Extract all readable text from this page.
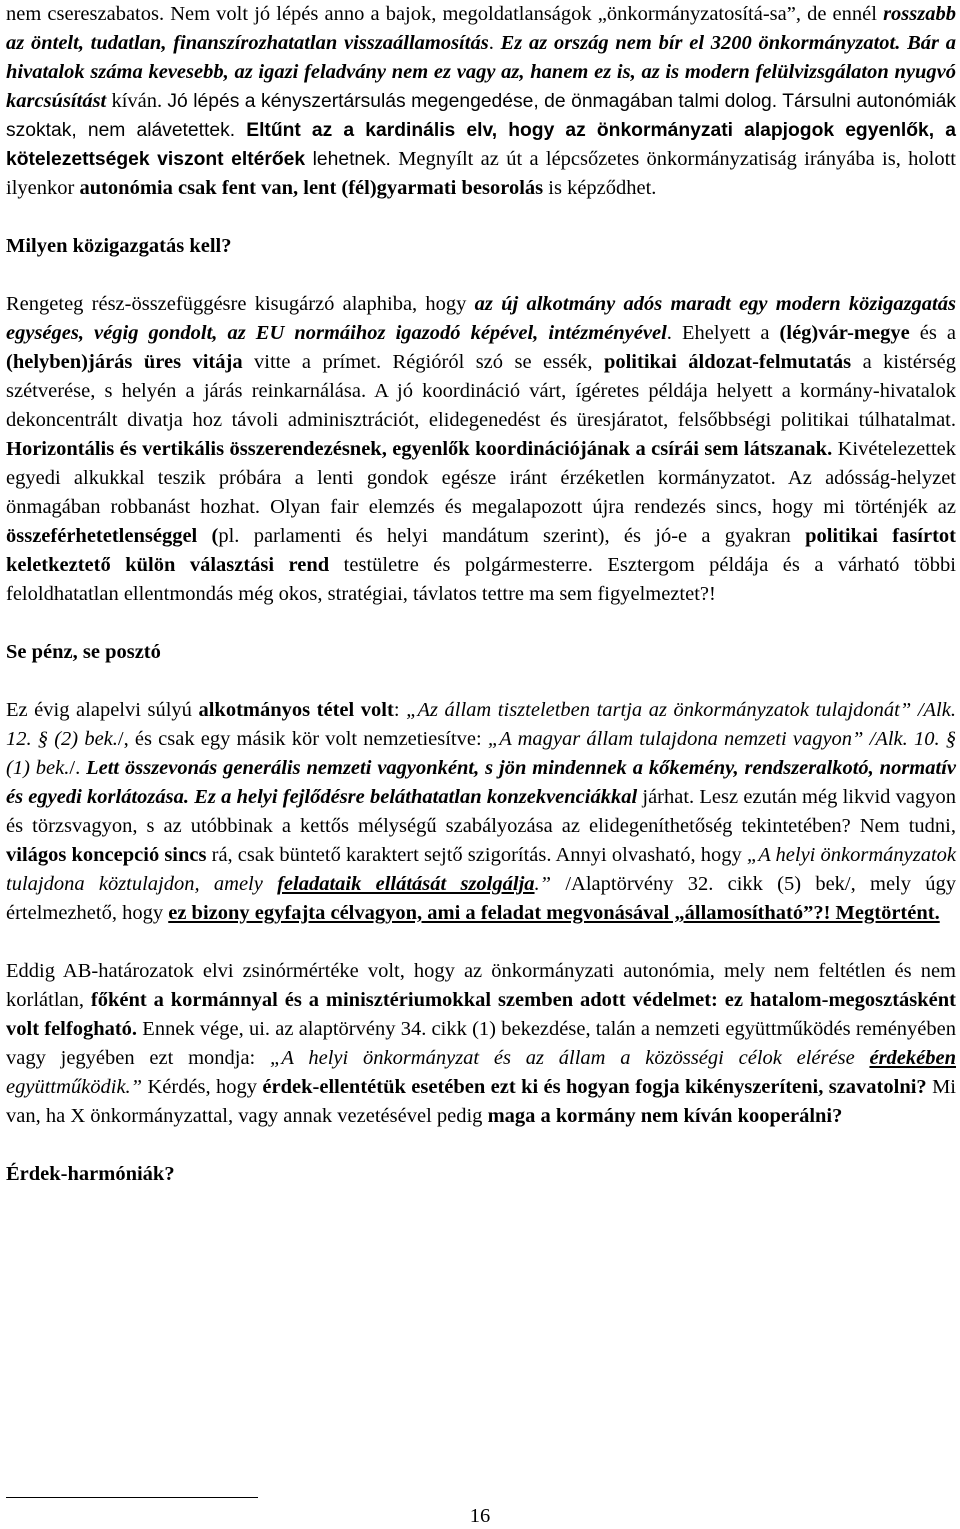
nem csereszabatos. Nem volt jó lépés anno a bajok, megoldatlanságok „önkormányzatosítá-sa”, de ennél rosszabb az öntelt, tudatlan, finanszírozhatatlan visszaállamosítás. Ez az ország nem bír el 3200 önkormányzatot. Bár a hivatalok száma kevesebb, az igazi feladvány nem ez vagy az, hanem ez is, az is modern felülvizsgálaton nyugvó karcsúsítást kíván. Jó lépés a kényszertársulás megengedése, de önmagában talmi dolog. Társulni autonómiák szoktak, nem alávetettek. Eltűnt az a kardinális elv, hogy az önkormányzati alapjogok egyenlők, a kötelezettségek viszont eltérőek lehetnek. Megnyílt az út a lépcsőzetes önkormányzatiság irányába is, holott ilyenkor autonómia csak fent van, lent (fél)gyarmati besorolás is képződhet.

Milyen közigazgatás kell?

Rengeteg rész-összefüggésre kisugárzó alaphiba, hogy az új alkotmány adós maradt egy modern közigazgatás egységes, végig gondolt, az EU normáihoz igazodó képével, intézményével. Ehelyett a (lég)vár-megye és a (helyben)járás üres vitája vitte a prímet. Régióról szó se essék, politikai áldozat-felmutatás a kistérség szétverése, s helyén a járás reinkarnálása. A jó koordináció várt, ígéretes példája helyett a kormány-hivatalok dekoncentrált divatja hoz távoli adminisztrációt, elidegenedést és üresjáratot, felsőbbségi politikai túlhatalmat. Horizontális és vertikális összerendezésnek, egyenlők koordinációjának a csírái sem látszanak. Kivételezettek egyedi alkukkal teszik próbára a lenti gondok egésze iránt érzéketlen kormányzatot. Az adósság-helyzet önmagában robbanást hozhat. Olyan fair elemzés és megalapozott újra rendezés sincs, hogy mi történjék az összeférhetetlenséggel (pl. parlamenti és helyi mandátum szerint), és jó-e a gyakran politikai fasírtot keletkeztető külön választási rend testületre és polgármesterre. Esztergom példája és a várható többi feloldhatatlan ellentmondás még okos, stratégiai, távlatos tettre ma sem figyelmeztet?!

Se pénz, se posztó

Ez évig alapelvi súlyú alkotmányos tétel volt: „Az állam tiszteletben tartja az önkormányzatok tulajdonát” /Alk. 12. § (2) bek./, és csak egy másik kör volt nemzetiesítve: „A magyar állam tulajdona nemzeti vagyon” /Alk. 10. § (1) bek./. Lett összevonás generális nemzeti vagyonként, s jön mindennek a kőkemény, rendszeralkotó, normatív és egyedi korlátozása. Ez a helyi fejlődésre beláthatatlan konzekvenciákkal járhat. Lesz ezután még likvid vagyon és törzsvagyon, s az utóbbinak a kettős mélységű szabályozása az elidegeníthetőség tekintetében? Nem tudni, világos koncepció sincs rá, csak büntető karaktert sejtő szigorítás. Annyi olvasható, hogy „A helyi önkormányzatok tulajdona köztulajdon, amely feladataik ellátását szolgálja.” /Alaptörvény 32. cikk (5) bek/, mely úgy értelmezhető, hogy ez bizony egyfajta célvagyon, ami a feladat megvonásával „államosítható”?! Megtörtént.

Eddig AB-határozatok elvi zsinórmértéke volt, hogy az önkormányzati autonómia, mely nem feltétlen és nem korlátlan, főként a kormánnyal és a minisztériumokkal szemben adott védelmet: ez hatalom-megosztásként volt felfogható. Ennek vége, ui. az alaptörvény 34. cikk (1) bekezdése, talán a nemzeti együttműködés reményében vagy jegyében ezt mondja: „A helyi önkormányzat és az állam a közösségi célok elérése érdekében együttműködik.” Kérdés, hogy érdek-ellentétük esetében ezt ki és hogyan fogja kikényszeríteni, szavatolni? Mi van, ha X önkormányzattal, vagy annak vezetésével pedig maga a kormány nem kíván kooperálni?

Érdek-harmóniák?

16
